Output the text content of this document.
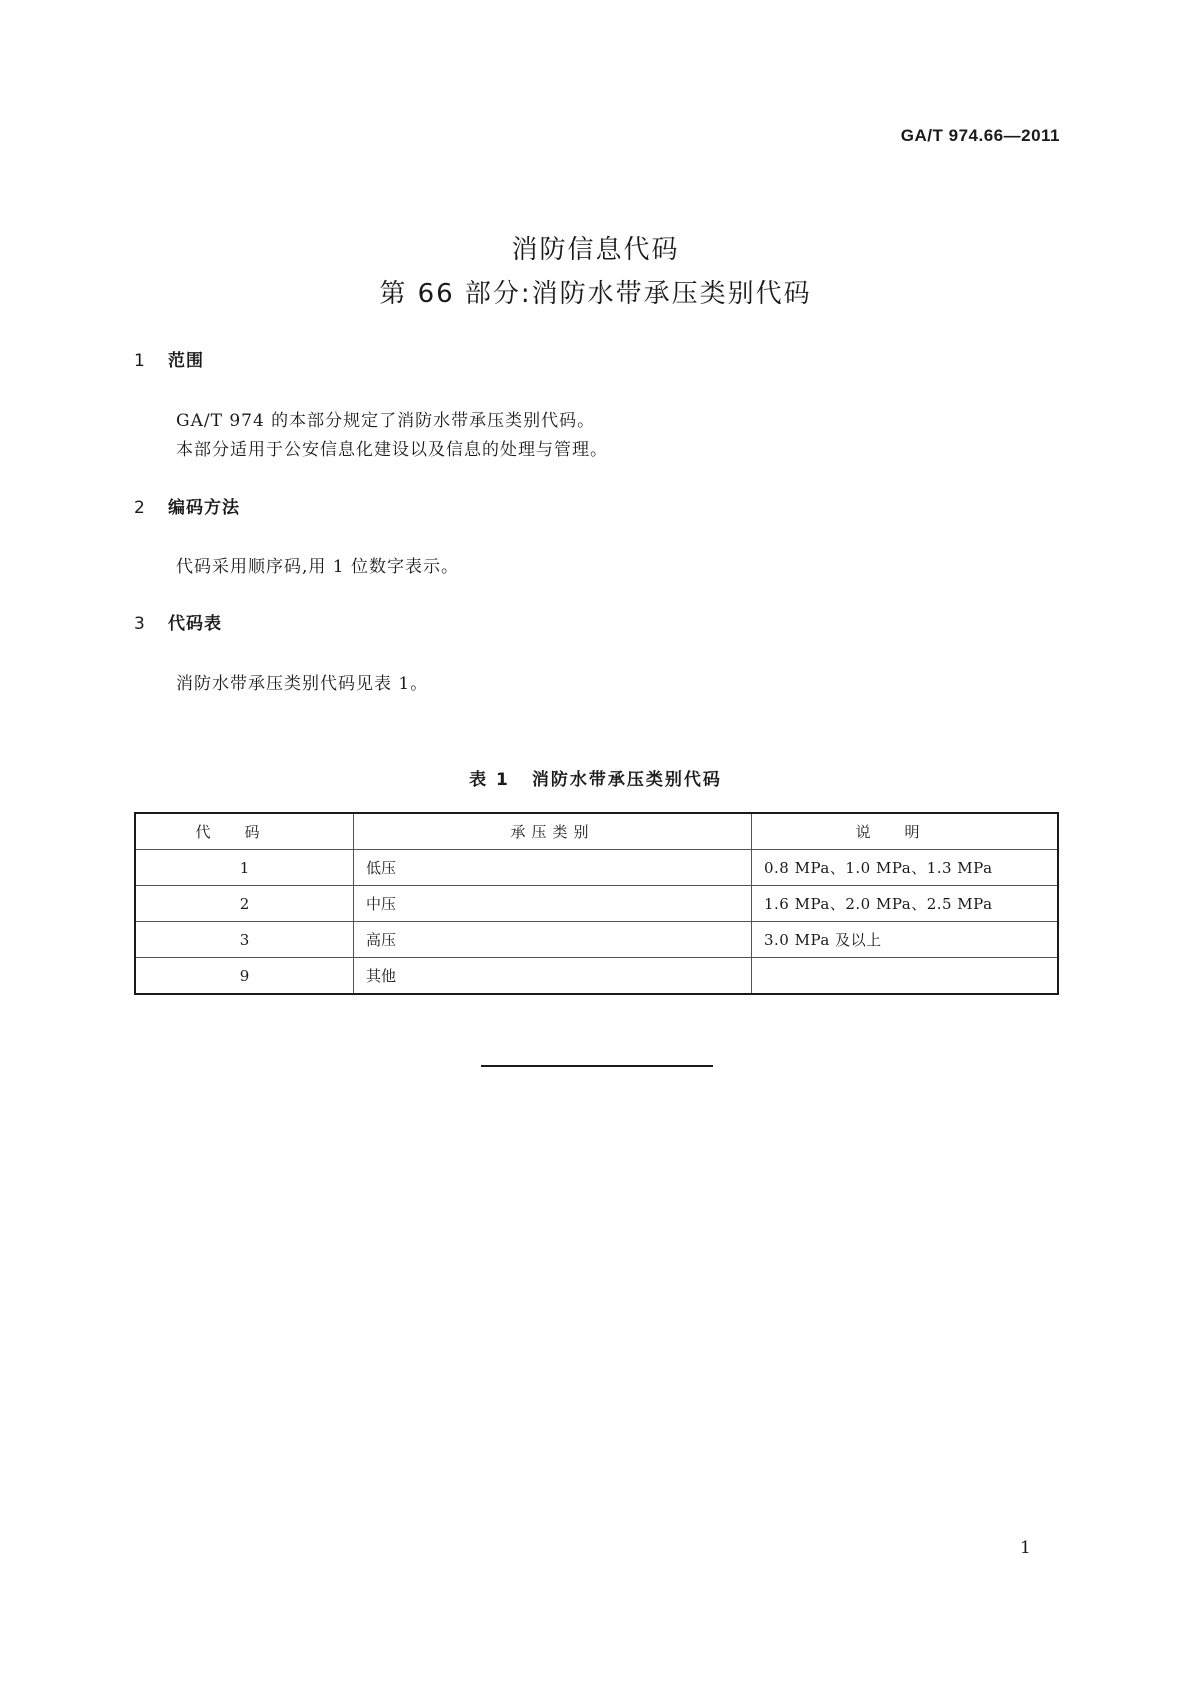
GA/T 974.66—2011
消防信息代码
第 66 部分:消防水带承压类别代码
1 范围
GA/T 974 的本部分规定了消防水带承压类别代码。
本部分适用于公安信息化建设以及信息的处理与管理。
2 编码方法
代码采用顺序码,用 1 位数字表示。
3 代码表
消防水带承压类别代码见表 1。
表 1 消防水带承压类别代码
代码	承压类别	说明
1	低压	0.8 MPa、1.0 MPa、1.3 MPa
2	中压	1.6 MPa、2.0 MPa、2.5 MPa
3	高压	3.0 MPa 及以上
9	其他	
1
